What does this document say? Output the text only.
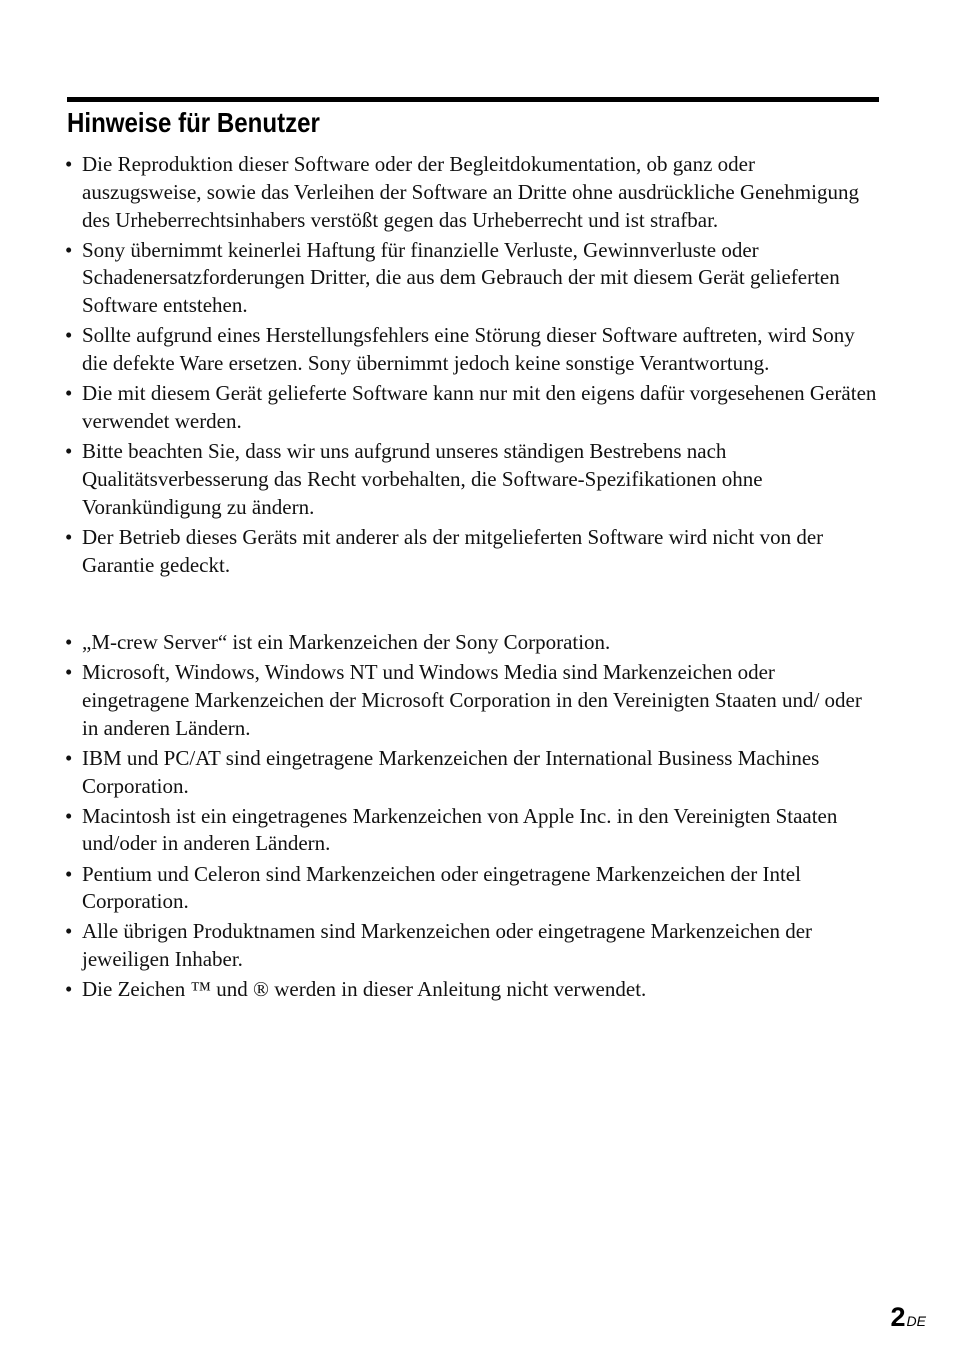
Hinweise für Benutzer
• Die Reproduktion dieser Software oder der Begleitdokumentation, ob ganz oder auszugsweise, sowie das Verleihen der Software an Dritte ohne ausdrückliche Genehmigung des Urheberrechtsinhabers verstößt gegen das Urheberrecht und ist strafbar.
• Sony übernimmt keinerlei Haftung für finanzielle Verluste, Gewinnverluste oder Schadenersatzforderungen Dritter, die aus dem Gebrauch der mit diesem Gerät gelieferten Software entstehen.
• Sollte aufgrund eines Herstellungsfehlers eine Störung dieser Software auftreten, wird Sony die defekte Ware ersetzen. Sony übernimmt jedoch keine sonstige Verantwortung.
• Die mit diesem Gerät gelieferte Software kann nur mit den eigens dafür vorgesehenen Geräten verwendet werden.
• Bitte beachten Sie, dass wir uns aufgrund unseres ständigen Bestrebens nach Qualitätsverbesserung das Recht vorbehalten, die Software-Spezifikationen ohne Vorankündigung zu ändern.
• Der Betrieb dieses Geräts mit anderer als der mitgelieferten Software wird nicht von der Garantie gedeckt.
• „M-crew Server“ ist ein Markenzeichen der Sony Corporation.
• Microsoft, Windows, Windows NT und Windows Media sind Markenzeichen oder eingetragene Markenzeichen der Microsoft Corporation in den Vereinigten Staaten und/ oder in anderen Ländern.
• IBM und PC/AT sind eingetragene Markenzeichen der International Business Machines Corporation.
• Macintosh ist ein eingetragenes Markenzeichen von Apple Inc. in den Vereinigten Staaten und/oder in anderen Ländern.
• Pentium und Celeron sind Markenzeichen oder eingetragene Markenzeichen der Intel Corporation.
• Alle übrigen Produktnamen sind Markenzeichen oder eingetragene Markenzeichen der jeweiligen Inhaber.
• Die Zeichen ™ und ® werden in dieser Anleitung nicht verwendet.
2DE
